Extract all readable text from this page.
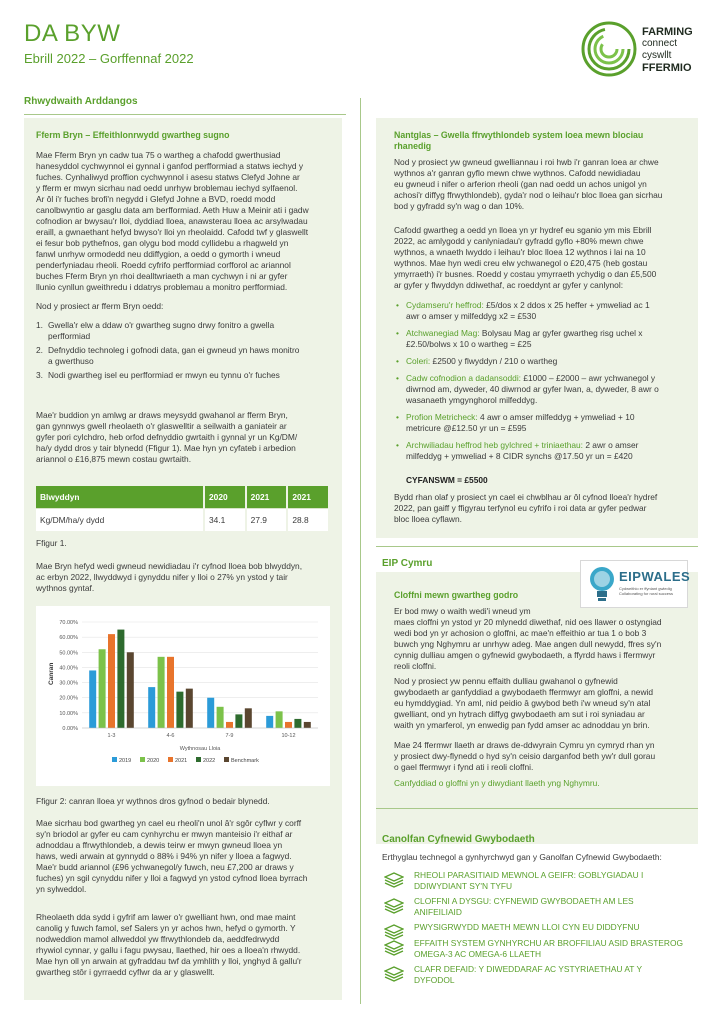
DA BYW
Ebrill 2022 – Gorffennaf 2022
FARMING
connect
cyswllt
FFERMIO
Rhwydwaith Arddangos
Fferm Bryn – Effeithlonrwydd gwartheg sugno
Mae Fferm Bryn yn cadw tua 75 o wartheg a chafodd gwerthusiad
hanesyddol cychwynnol ei gynnal i ganfod perfformiad a statws iechyd y
fuches. Cynhaliwyd proffion cychwynnol i asesu statws Clefyd Johne ar
y fferm er mwyn sicrhau nad oedd unrhyw broblemau iechyd sylfaenol.
Ar ôl i'r fuches brofi'n negydd i Glefyd Johne a BVD, roedd modd
canolbwyntio ar gasglu data am berfformiad. Aeth Huw a Meinir ati i gadw
cofnodion ar bwysau'r lloi, dyddiad lloea, anawsterau lloea ac arsylwadau
eraill, a gwnaethant hefyd bwyso'r lloi yn rheolaidd. Cafodd twf y glaswellt
ei fesur bob pythefnos, gan olygu bod modd cyllidebu a rhagweld yn
fanwl unrhyw ormodedd neu ddiffygion, a oedd o gymorth i wneud
penderfyniadau rheoli. Roedd cyfrifo perfformiad corfforol ac ariannol
buches Fferm Bryn yn rhoi dealltwriaeth a man cychwyn i ni ar gyfer
llunio cynllun gweithredu i ddatrys problemau a monitro perfformiad.
Nod y prosiect ar fferm Bryn oedd:
1. Gwella'r elw a ddaw o'r gwartheg sugno drwy fonitro a gwella
perfformiad
2. Defnyddio technoleg i gofnodi data, gan ei gwneud yn haws monitro
a gwerthuso
3. Nodi gwartheg isel eu perfformiad er mwyn eu tynnu o'r fuches
Mae'r buddion yn amlwg ar draws meysydd gwahanol ar fferm Bryn,
gan gynnwys gwell rheolaeth o'r glaswelltir a seilwaith a ganiateir ar
gyfer pori cylchdro, heb orfod defnyddio gwrtaith i gynnal yr un Kg/DM/
ha/y dydd dros y tair blynedd (Ffigur 1). Mae hyn yn cyfateb i arbedion
ariannol o £16,875 mewn costau gwrtaith.
Blwyddyn	2020	2021	2021
Kg/DM/ha/y dydd	34.1	27.9	28.8
Ffigur 1.
Mae Bryn hefyd wedi gwneud newidiadau i'r cyfnod lloea bob blwyddyn,
ac erbyn 2022, llwyddwyd i gynyddu nifer y lloi o 27% yn ystod y tair
wythnos gyntaf.
0.00%
10.00%
20.00%
30.00%
40.00%
50.00%
60.00%
70.00%
Canran
1-3	4-6	7-9	10-12
Wythnosau Lloia
2019	2020	2021	2022	Benchmark
Ffigur 2: canran lloea yr wythnos dros gyfnod o bedair blynedd.
Mae sicrhau bod gwartheg yn cael eu rheoli'n unol â'r sgôr cyflwr y corff
sy'n briodol ar gyfer eu cam cynhyrchu er mwyn manteisio i'r eithaf ar
adnoddau a ffrwythlondeb, a dewis teirw er mwyn gwneud lloea yn
haws, wedi arwain at gynnydd o 88% i 94% yn nifer y lloea a fagwyd.
Mae'r budd ariannol (£96 ychwanegol/y fuwch, neu £7,200 ar draws y
fuches) yn sgil cynyddu nifer y lloi a fagwyd yn ystod cyfnod lloea byrrach
yn sylweddol.
Rheolaeth dda sydd i gyfrif am lawer o'r gwelliant hwn, ond mae maint
canolig y fuwch famol, sef Salers yn yr achos hwn, hefyd o gymorth. Y
nodweddion mamol allweddol yw ffrwythlondeb da, aeddfedrwydd
rhywiol cynnar, y gallu i fagu pwysau, llaethed, hir oes a lloea'n rhwydd.
Mae hyn oll yn arwain at gyfraddau twf da ymhlith y lloi, ynghyd â gallu'r
gwartheg stôr i gyrraedd cyflwr da ar y glaswellt.
Nantglas – Gwella ffrwythlondeb system loea mewn blociau
rhanedig
Nod y prosiect yw gwneud gwelliannau i roi hwb i'r ganran loea ar chwe
wythnos a'r ganran gyflo mewn chwe wythnos. Cafodd newidiadau
eu gwneud i nifer o arferion rheoli (gan nad oedd un achos unigol yn
achosi'r diffyg ffrwythlondeb), gyda'r nod o leihau'r bloc lloea gan sicrhau
bod y gyfradd sy'n wag o dan 10%.
Cafodd gwartheg a oedd yn lloea yn yr hydref eu sganio ym mis Ebrill
2022, ac amlygodd y canlyniadau'r gyfradd gyflo +80% mewn chwe
wythnos, a wnaeth lwyddo i leihau'r bloc lloea 12 wythnos i lai na 10
wythnos. Mae hyn wedi creu elw ychwanegol o £20,475 (heb gostau
ymyrraeth) i'r busnes. Roedd y costau ymyrraeth ychydig o dan £5,500
ar gyfer y flwyddyn ddiwethaf, ac roeddynt ar gyfer y canlynol:
• Cydamseru'r heffrod: £5/dos x 2 ddos x 25 heffer + ymweliad ac 1
awr o amser y milfeddyg x2 = £530
• Atchwanegiad Mag: Bolysau Mag ar gyfer gwartheg risg uchel x
£2.50/bolws x 10 o wartheg = £25
• Coleri: £2500 y flwyddyn / 210 o wartheg
• Cadw cofnodion a dadansoddi: £1000 – £2000 – awr ychwanegol y
diwrnod am, dyweder, 40 diwrnod ar gyfer Iwan, a, dyweder, 8 awr o
wasanaeth ymgynghorol milfeddyg.
• Profion Metricheck: 4 awr o amser milfeddyg + ymweliad + 10
metricure @£12.50 yr un = £595
• Archwiliadau heffrod heb gylchred + triniaethau: 2 awr o amser
milfeddyg + ymweliad + 8 CIDR synchs @17.50 yr un = £420
CYFANSWM = £5500
Bydd rhan olaf y prosiect yn cael ei chwblhau ar ôl cyfnod lloea'r hydref
2022, pan gaiff y ffigyrau terfynol eu cyfrifo i roi data ar gyfer pedwar
bloc lloea cyflawn.
EIP Cymru
EIPWALES
Cydweithio er ffyniant gwledig
Collaborating for rural success
Cloffni mewn gwartheg godro
Er bod mwy o waith wedi'i wneud ym
maes cloffni yn ystod yr 20 mlynedd diwethaf, nid oes llawer o ostyngiad
wedi bod yn yr achosion o gloffni, ac mae'n effeithio ar tua 1 o bob 3
buwch yng Nghymru ar unrhyw adeg. Mae angen dull newydd, ffres sy'n
cynnig dulliau amgen o gyfnewid gwybodaeth, a ffyrdd haws i ffermwyr
reoli cloffni.
Nod y prosiect yw pennu effaith dulliau gwahanol o gyfnewid
gwybodaeth ar ganfyddiad a gwybodaeth ffermwyr am gloffni, a newid
eu hymddygiad. Yn aml, nid peidio â gwybod beth i'w wneud sy'n atal
gwelliant, ond yn hytrach diffyg gwybodaeth am sut i roi syniadau ar
waith yn ymarferol, yn enwedig pan fydd amser ac adnoddau yn brin.
Mae 24 ffermwr llaeth ar draws de-ddwyrain Cymru yn cymryd rhan yn
y prosiect dwy-flynedd o hyd sy'n ceisio darganfod beth yw'r dull gorau
o gael ffermwyr i fynd ati i reoli cloffni.
Canfyddiad o gloffni yn y diwydiant llaeth yng Nghymru.
Canolfan Cyfnewid Gwybodaeth
Erthyglau technegol a gynhyrchwyd gan y Ganolfan Cyfnewid Gwybodaeth:
RHEOLI PARASITIAID MEWNOL A GEIFR: GOBLYGIADAU I
DDIWYDIANT SY'N TYFU
CLOFFNI A DYSGU: CYFNEWID GWYBODAETH AM LES
ANIFEILIAID
PWYSIGRWYDD MAETH MEWN LLOI CYN EU DIDDYFNU
EFFAITH SYSTEM GYNHYRCHU AR BROFFILIAU ASID BRASTEROG
OMEGA-3 AC OMEGA-6 LLAETH
CLAFR DEFAID: Y DIWEDDARAF AC YSTYRIAETHAU AT Y
DYFODOL
